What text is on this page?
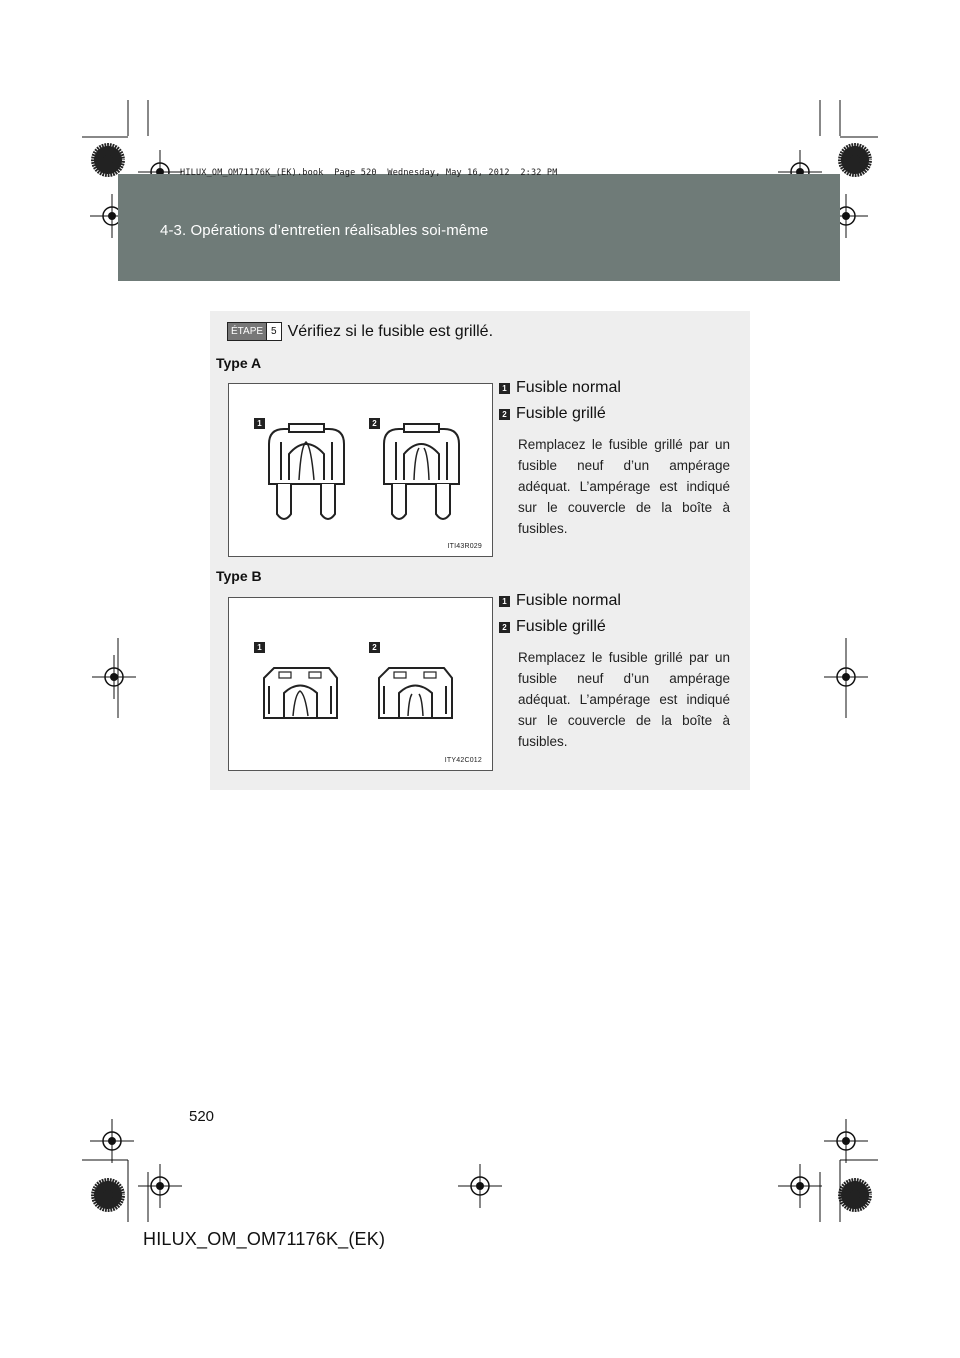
4-3. Opérations d’entretien réalisables soi-même
HILUX_OM_OM71176K_(EK).book  Page 520  Wednesday, May 16, 2012  2:32 PM
ÉTAPE 5 Vérifiez si le fusible est grillé.
Type A
1	2
ITI43R029
1 Fusible normal
2 Fusible grillé
Remplacez le fusible grillé par un fusible neuf d’un ampérage adéquat. L’ampérage est indiqué sur le couvercle de la boîte à fusibles.
Type B
1	2
ITY42C012
1 Fusible normal
2 Fusible grillé
Remplacez le fusible grillé par un fusible neuf d’un ampérage adéquat. L’ampérage est indiqué sur le couvercle de la boîte à fusibles.
520
HILUX_OM_OM71176K_(EK)
